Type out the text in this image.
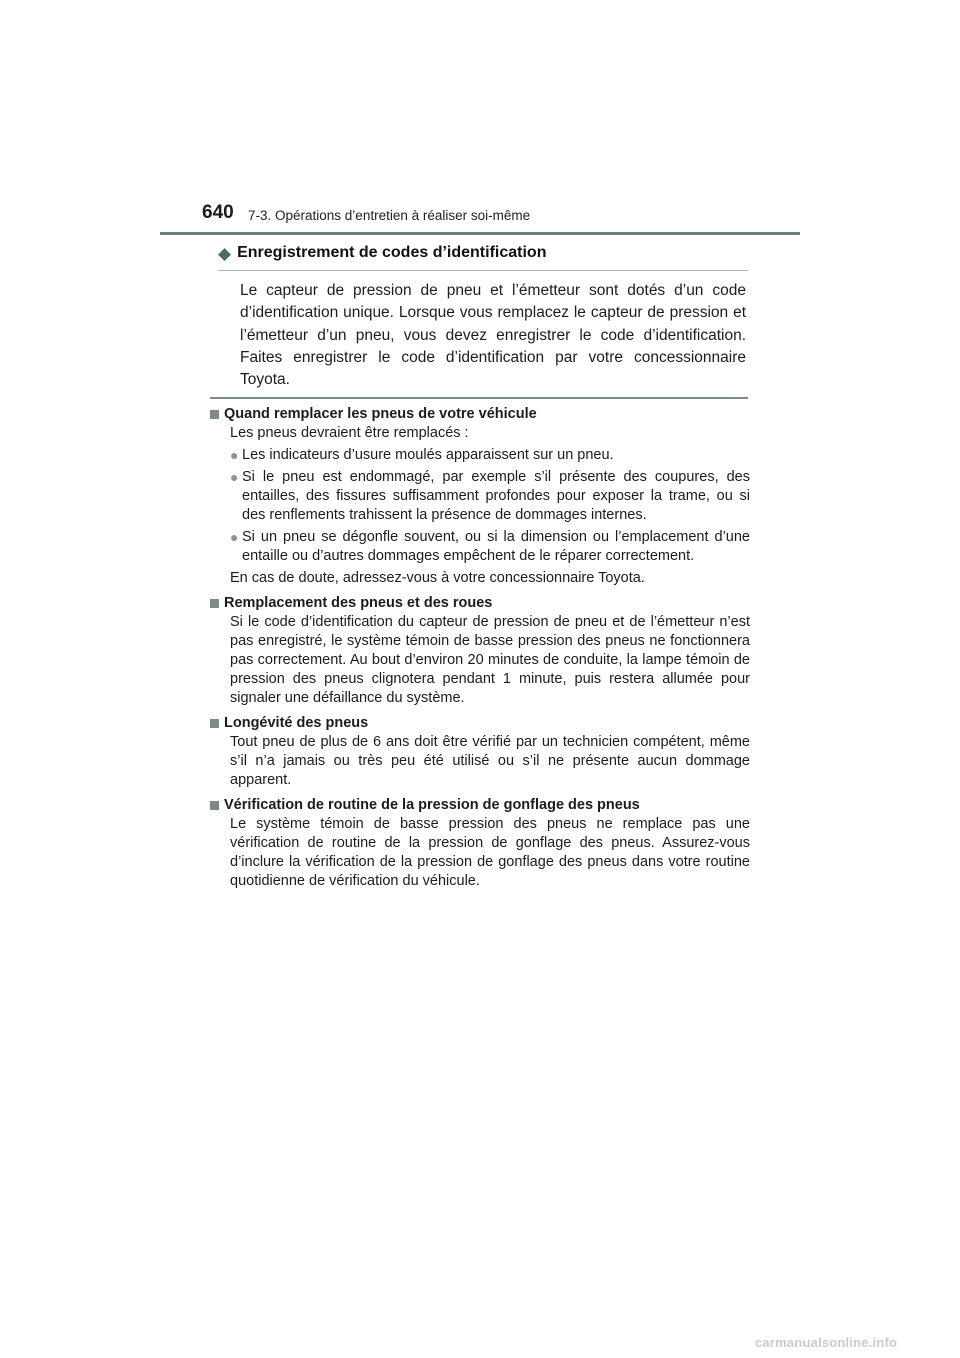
640 7-3. Opérations d’entretien à réaliser soi-même
◆ Enregistrement de codes d’identification
Le capteur de pression de pneu et l’émetteur sont dotés d’un code d’identification unique. Lorsque vous remplacez le capteur de pression et l’émetteur d’un pneu, vous devez enregistrer le code d’identification. Faites enregistrer le code d’identification par votre concessionnaire Toyota.
Quand remplacer les pneus de votre véhicule
Les pneus devraient être remplacés :
● Les indicateurs d’usure moulés apparaissent sur un pneu.
● Si le pneu est endommagé, par exemple s’il présente des coupures, des entailles, des fissures suffisamment profondes pour exposer la trame, ou si des renflements trahissent la présence de dommages internes.
● Si un pneu se dégonfle souvent, ou si la dimension ou l’emplacement d’une entaille ou d’autres dommages empêchent de le réparer correctement.
En cas de doute, adressez-vous à votre concessionnaire Toyota.
Remplacement des pneus et des roues
Si le code d’identification du capteur de pression de pneu et de l’émetteur n’est pas enregistré, le système témoin de basse pression des pneus ne fonctionnera pas correctement. Au bout d’environ 20 minutes de conduite, la lampe témoin de pression des pneus clignotera pendant 1 minute, puis restera allumée pour signaler une défaillance du système.
Longévité des pneus
Tout pneu de plus de 6 ans doit être vérifié par un technicien compétent, même s’il n’a jamais ou très peu été utilisé ou s’il ne présente aucun dommage apparent.
Vérification de routine de la pression de gonflage des pneus
Le système témoin de basse pression des pneus ne remplace pas une vérification de routine de la pression de gonflage des pneus. Assurez-vous d’inclure la vérification de la pression de gonflage des pneus dans votre routine quotidienne de vérification du véhicule.
carmanualsonline.info
